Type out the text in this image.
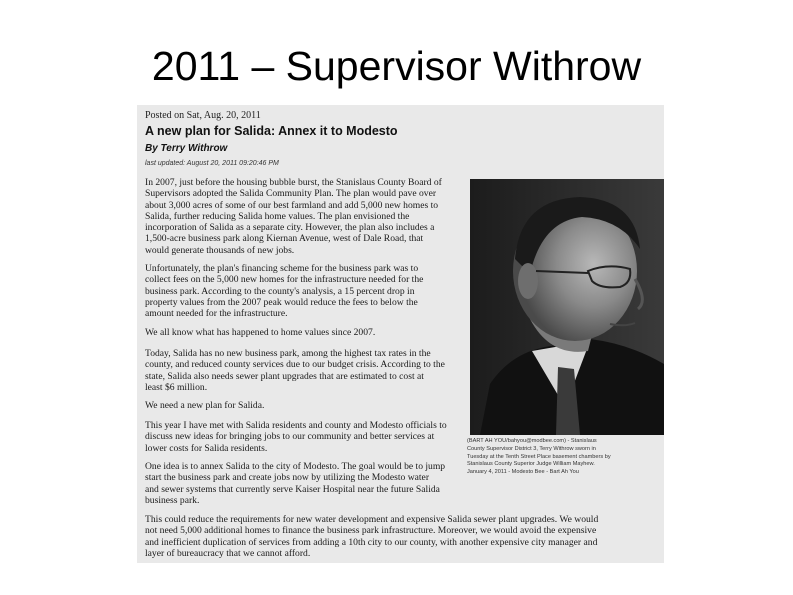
2011 – Supervisor Withrow
Posted on Sat, Aug. 20, 2011
A new plan for Salida: Annex it to Modesto
By Terry Withrow
last updated: August 20, 2011 09:20:46 PM
In 2007, just before the housing bubble burst, the Stanislaus County Board of
Supervisors adopted the Salida Community Plan. The plan would pave over
about 3,000 acres of some of our best farmland and add 5,000 new homes to
Salida, further reducing Salida home values. The plan envisioned the
incorporation of Salida as a separate city. However, the plan also includes a
1,500-acre business park along Kiernan Avenue, west of Dale Road, that
would generate thousands of new jobs.
Unfortunately, the plan's financing scheme for the business park was to
collect fees on the 5,000 new homes for the infrastructure needed for the
business park. According to the county's analysis, a 15 percent drop in
property values from the 2007 peak would reduce the fees to below the
amount needed for the infrastructure.
We all know what has happened to home values since 2007.
Today, Salida has no new business park, among the highest tax rates in the
county, and reduced county services due to our budget crisis. According to the
state, Salida also needs sewer plant upgrades that are estimated to cost at
least $6 million.
We need a new plan for Salida.
This year I have met with Salida residents and county and Modesto officials to
discuss new ideas for bringing jobs to our community and better services at
lower costs for Salida residents.
One idea is to annex Salida to the city of Modesto. The goal would be to jump
start the business park and create jobs now by utilizing the Modesto water
and sewer systems that currently serve Kaiser Hospital near the future Salida
business park.
This could reduce the requirements for new water development and expensive Salida sewer plant upgrades. We would
not need 5,000 additional homes to finance the business park infrastructure. Moreover, we would avoid the expensive
and inefficient duplication of services from adding a 10th city to our county, with another expensive city manager and
layer of bureaucracy that we cannot afford.
(BART AH YOU/bahyou@modbee.com) - Stanislaus
County Supervisor District 3, Terry Withrow sworn in
Tuesday at the Tenth Street Place basement chambers by
Stanislaus County Superior Judge William Mayhew.
January 4, 2011 - Modesto Bee - Bart Ah You
